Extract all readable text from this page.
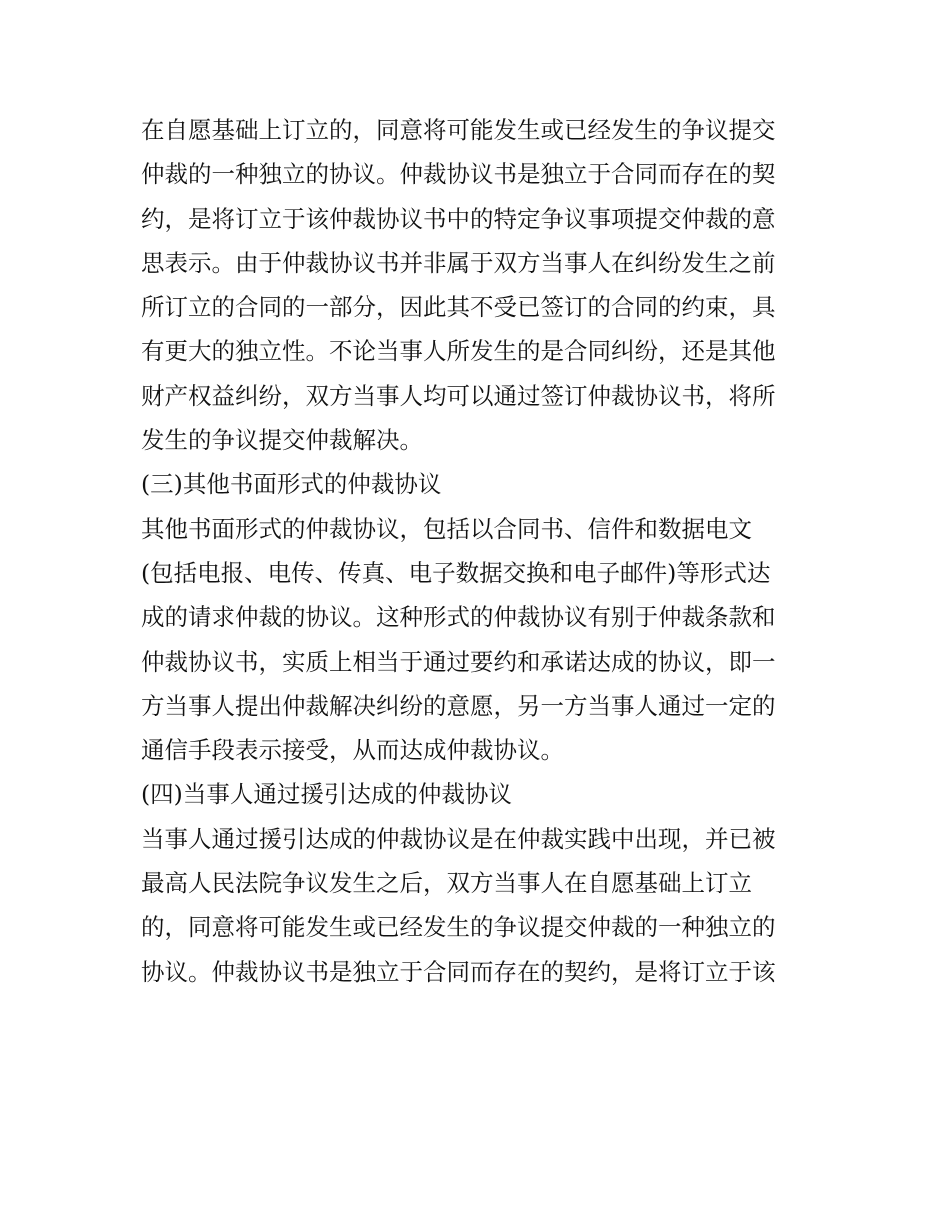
在自愿基础上订立的，同意将可能发生或已经发生的争议提交
仲裁的一种独立的协议。仲裁协议书是独立于合同而存在的契
约，是将订立于该仲裁协议书中的特定争议事项提交仲裁的意
思表示。由于仲裁协议书并非属于双方当事人在纠纷发生之前
所订立的合同的一部分，因此其不受已签订的合同的约束，具
有更大的独立性。不论当事人所发生的是合同纠纷，还是其他
财产权益纠纷，双方当事人均可以通过签订仲裁协议书，将所
发生的争议提交仲裁解决。
(三)其他书面形式的仲裁协议
其他书面形式的仲裁协议，包括以合同书、信件和数据电文
(包括电报、电传、传真、电子数据交换和电子邮件)等形式达
成的请求仲裁的协议。这种形式的仲裁协议有别于仲裁条款和
仲裁协议书，实质上相当于通过要约和承诺达成的协议，即一
方当事人提出仲裁解决纠纷的意愿，另一方当事人通过一定的
通信手段表示接受，从而达成仲裁协议。
(四)当事人通过援引达成的仲裁协议
当事人通过援引达成的仲裁协议是在仲裁实践中出现，并已被
最高人民法院争议发生之后，双方当事人在自愿基础上订立
的，同意将可能发生或已经发生的争议提交仲裁的一种独立的
协议。仲裁协议书是独立于合同而存在的契约，是将订立于该
